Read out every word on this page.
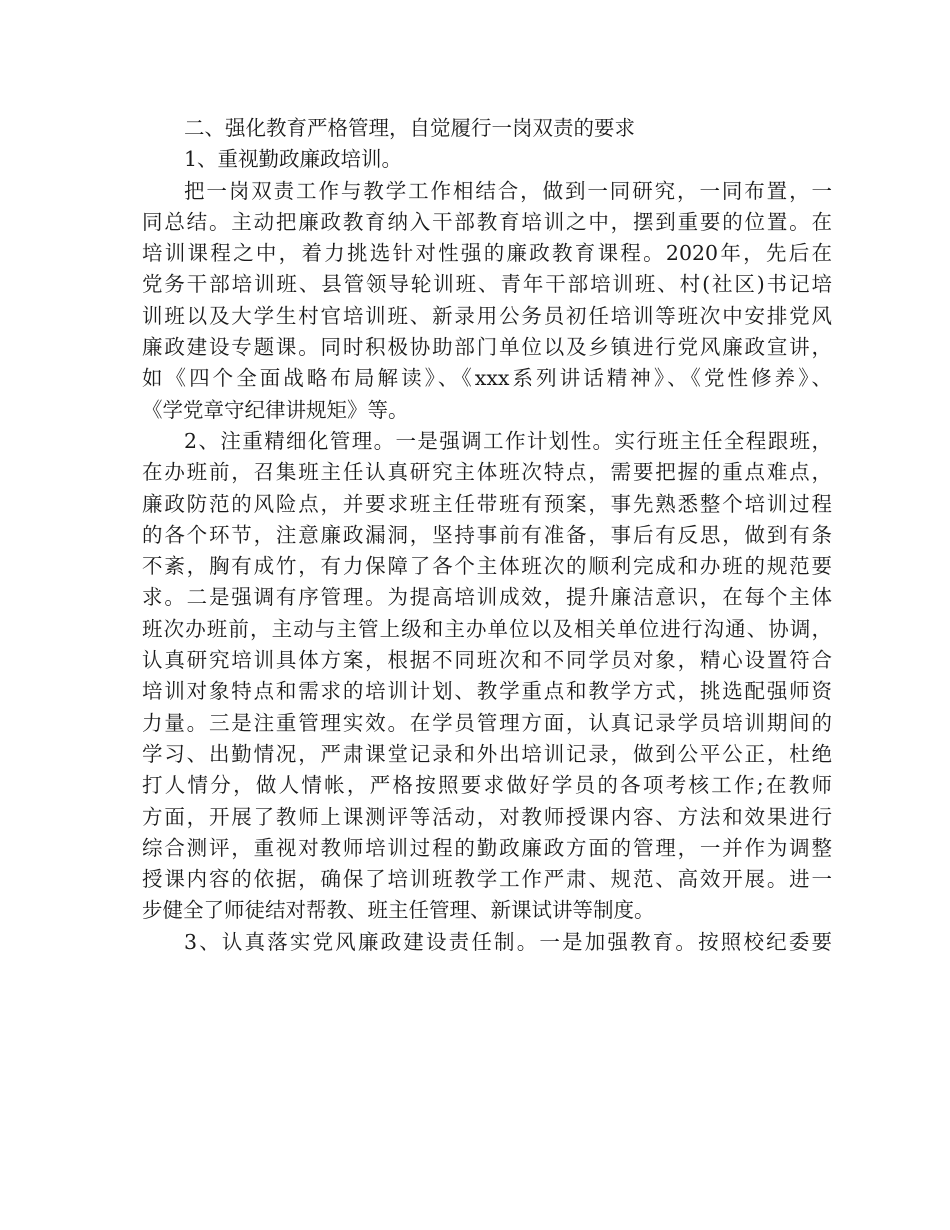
二、强化教育严格管理，自觉履行一岗双责的要求
1、重视勤政廉政培训。
把一岗双责工作与教学工作相结合，做到一同研究，一同布置，一
同总结。主动把廉政教育纳入干部教育培训之中，摆到重要的位置。在
培训课程之中，着力挑选针对性强的廉政教育课程。2020年，先后在
党务干部培训班、县管领导轮训班、青年干部培训班、村(社区)书记培
训班以及大学生村官培训班、新录用公务员初任培训等班次中安排党风
廉政建设专题课。同时积极协助部门单位以及乡镇进行党风廉政宣讲，
如《四个全面战略布局解读》、《xxx系列讲话精神》、《党性修养》、
《学党章守纪律讲规矩》等。
2、注重精细化管理。一是强调工作计划性。实行班主任全程跟班，
在办班前，召集班主任认真研究主体班次特点，需要把握的重点难点，
廉政防范的风险点，并要求班主任带班有预案，事先熟悉整个培训过程
的各个环节，注意廉政漏洞，坚持事前有准备，事后有反思，做到有条
不紊，胸有成竹，有力保障了各个主体班次的顺利完成和办班的规范要
求。二是强调有序管理。为提高培训成效，提升廉洁意识，在每个主体
班次办班前，主动与主管上级和主办单位以及相关单位进行沟通、协调，
认真研究培训具体方案，根据不同班次和不同学员对象，精心设置符合
培训对象特点和需求的培训计划、教学重点和教学方式，挑选配强师资
力量。三是注重管理实效。在学员管理方面，认真记录学员培训期间的
学习、出勤情况，严肃课堂记录和外出培训记录，做到公平公正，杜绝
打人情分，做人情帐，严格按照要求做好学员的各项考核工作;在教师
方面，开展了教师上课测评等活动，对教师授课内容、方法和效果进行
综合测评，重视对教师培训过程的勤政廉政方面的管理，一并作为调整
授课内容的依据，确保了培训班教学工作严肃、规范、高效开展。进一
步健全了师徒结对帮教、班主任管理、新课试讲等制度。
3、认真落实党风廉政建设责任制。一是加强教育。按照校纪委要
